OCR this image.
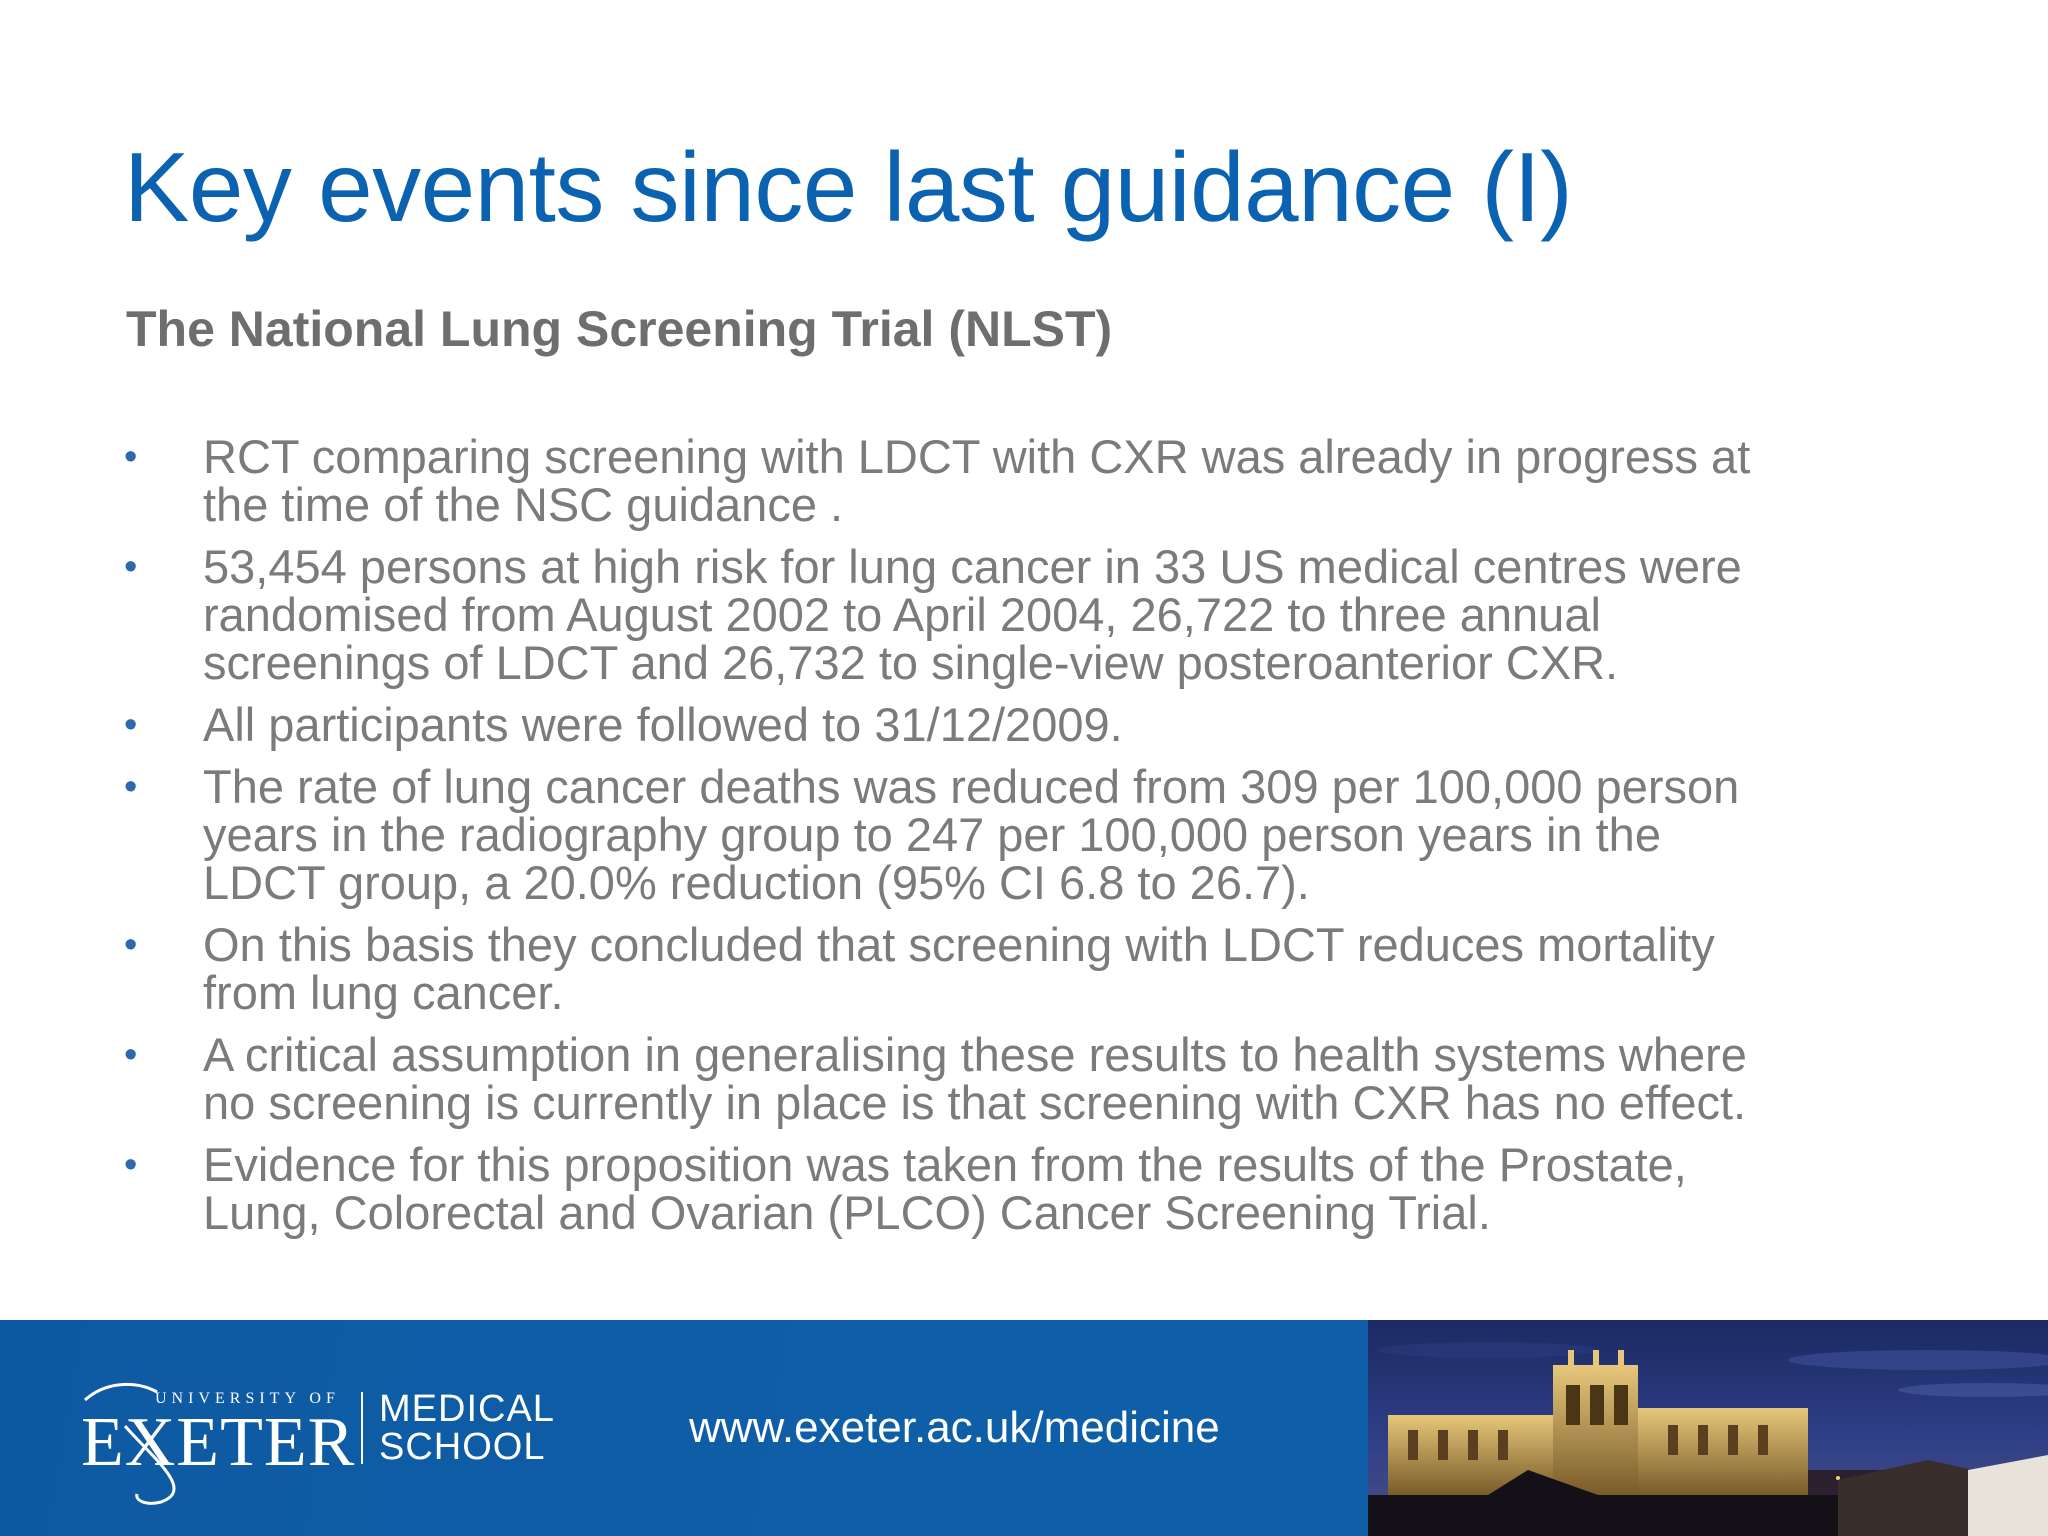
Key events since last guidance (I)
The National Lung Screening Trial (NLST)
• RCT comparing screening with LDCT with CXR was already in progress at
the time of the NSC guidance .
• 53,454 persons at high risk for lung cancer in 33 US medical centres were
randomised from August 2002 to April 2004, 26,722 to three annual
screenings of LDCT and 26,732 to single-view posteroanterior CXR.
• All participants were followed to 31/12/2009.
• The rate of lung cancer deaths was reduced from 309 per 100,000 person
years in the radiography group to 247 per 100,000 person years in the
LDCT group, a 20.0% reduction (95% CI 6.8 to 26.7).
• On this basis they concluded that screening with LDCT reduces mortality
from lung cancer.
• A critical assumption in generalising these results to health systems where
no screening is currently in place is that screening with CXR has no effect.
• Evidence for this proposition was taken from the results of the Prostate,
Lung, Colorectal and Ovarian (PLCO) Cancer Screening Trial.
UNIVERSITY OF
EXETER MEDICAL
SCHOOL	www.exeter.ac.uk/medicine
